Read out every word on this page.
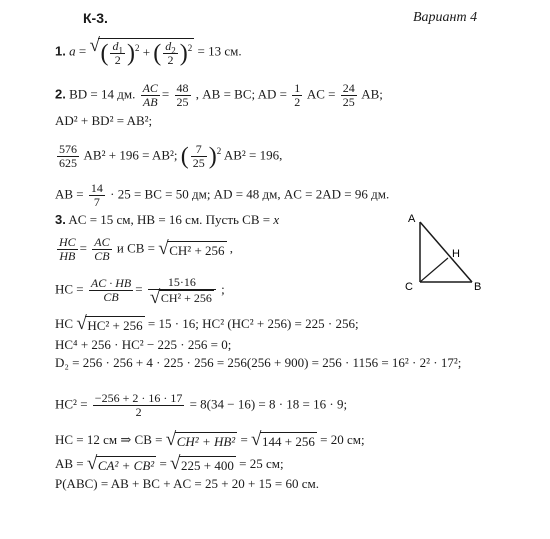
К-3.	Вариант 4
1. a = √ ( $\frac{d_1}{2} )^2$ + ( $\frac{d_2}{2} )^2 = 13$ см.
2. BD = 14 дм. $\frac{AC}{AB} = \frac{48}{25}$ , AB = BC; AD = $\frac{1}{2}$ AC = $\frac{24}{25}$ AB;
AD² + BD² = AB²;
$\frac{576}{625} AB^2 + 196 = AB^2$; ( $\frac{7}{25} )^2$ AB² = 196,
AB = $\frac{14}{7} \cdot 25$ = BC = 50 дм; AD = 48 дм, AC = 2AD = 96 дм.
3. AC = 15 см, HB = 16 см. Пусть CB = x
$\frac{HC}{HB} = \frac{AC}{CB}$ и CB = √ CH² + 256 ,
HC = $\frac{AC \cdot HB}{CB} = \frac{15\cdot 16}{\text{√ CH² + 256}}$ ;
HC √ HC² + 256 = 15 · 16; HC² (HC² + 256) = 225 · 256;
HC⁴ + 256 · HC² − 225 · 256 = 0;
D₂ = 256 · 256 + 4 · 225 · 256 = 256(256 + 900) = 256 · 1156 = 16² · 2² · 17²;
$HC^2 = \frac{-256 + 2 \cdot 16 \cdot 17}{2} = 8(34 - 16) = 8 \cdot 18 = 16 \cdot 9$;
HC = 12 см ⇒ CB = √ CH² + HB² = √ 144 + 256 = 20 см;
AB = √ CA² + CB² = √ 225 + 400 = 25 см;
P(ABC) = AB + BC + AC = 25 + 20 + 15 = 60 см.
A
C	B
H
